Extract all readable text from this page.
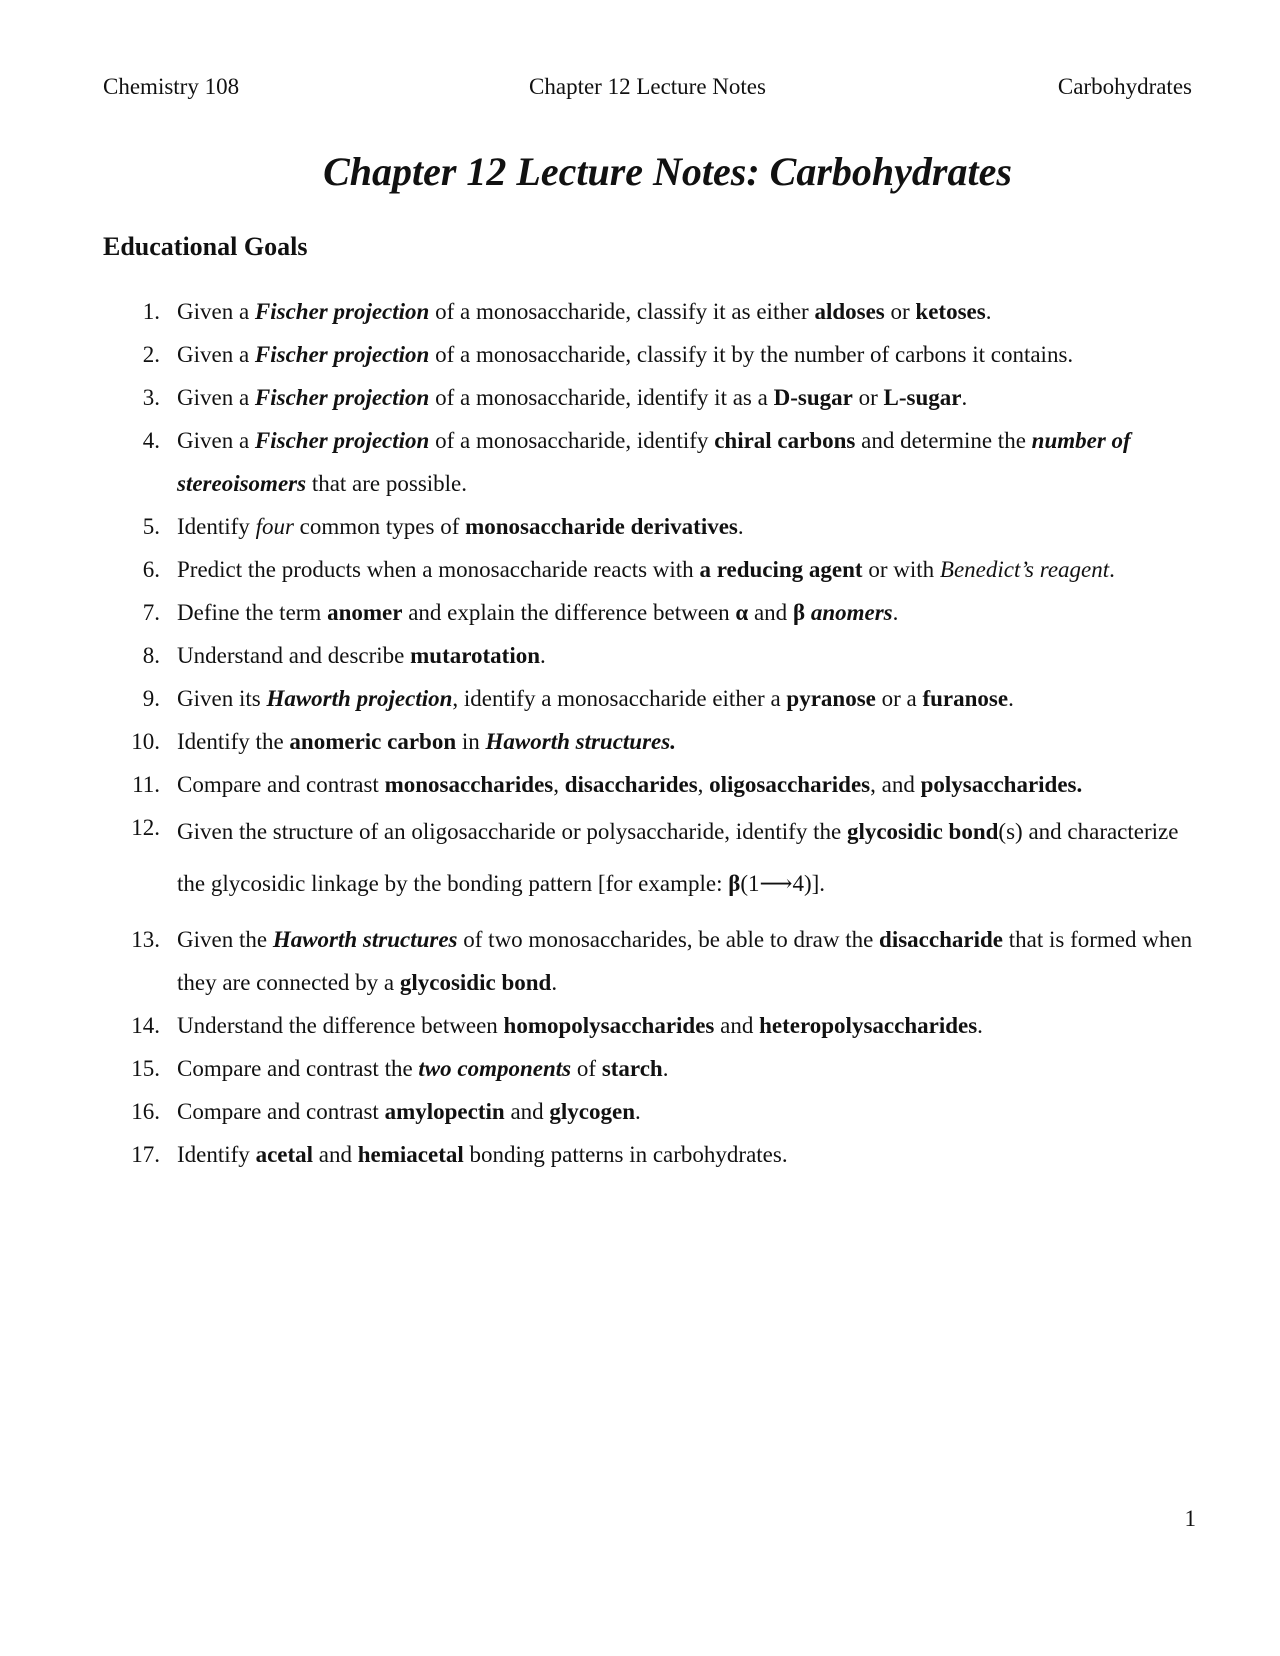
Chemistry 108	Chapter 12 Lecture Notes	Carbohydrates
Chapter 12 Lecture Notes: Carbohydrates
Educational Goals
1. Given a Fischer projection of a monosaccharide, classify it as either aldoses or ketoses.
2. Given a Fischer projection of a monosaccharide, classify it by the number of carbons it contains.
3. Given a Fischer projection of a monosaccharide, identify it as a D-sugar or L-sugar.
4. Given a Fischer projection of a monosaccharide, identify chiral carbons and determine the number of stereoisomers that are possible.
5. Identify four common types of monosaccharide derivatives.
6. Predict the products when a monosaccharide reacts with a reducing agent or with Benedict’s reagent.
7. Define the term anomer and explain the difference between α and β anomers.
8. Understand and describe mutarotation.
9. Given its Haworth projection, identify a monosaccharide either a pyranose or a furanose.
10. Identify the anomeric carbon in Haworth structures.
11. Compare and contrast monosaccharides, disaccharides, oligosaccharides, and polysaccharides.
12. Given the structure of an oligosaccharide or polysaccharide, identify the glycosidic bond(s) and characterize the glycosidic linkage by the bonding pattern [for example: β(1⟶4)].
13. Given the Haworth structures of two monosaccharides, be able to draw the disaccharide that is formed when they are connected by a glycosidic bond.
14. Understand the difference between homopolysaccharides and heteropolysaccharides.
15. Compare and contrast the two components of starch.
16. Compare and contrast amylopectin and glycogen.
17. Identify acetal and hemiacetal bonding patterns in carbohydrates.
1
